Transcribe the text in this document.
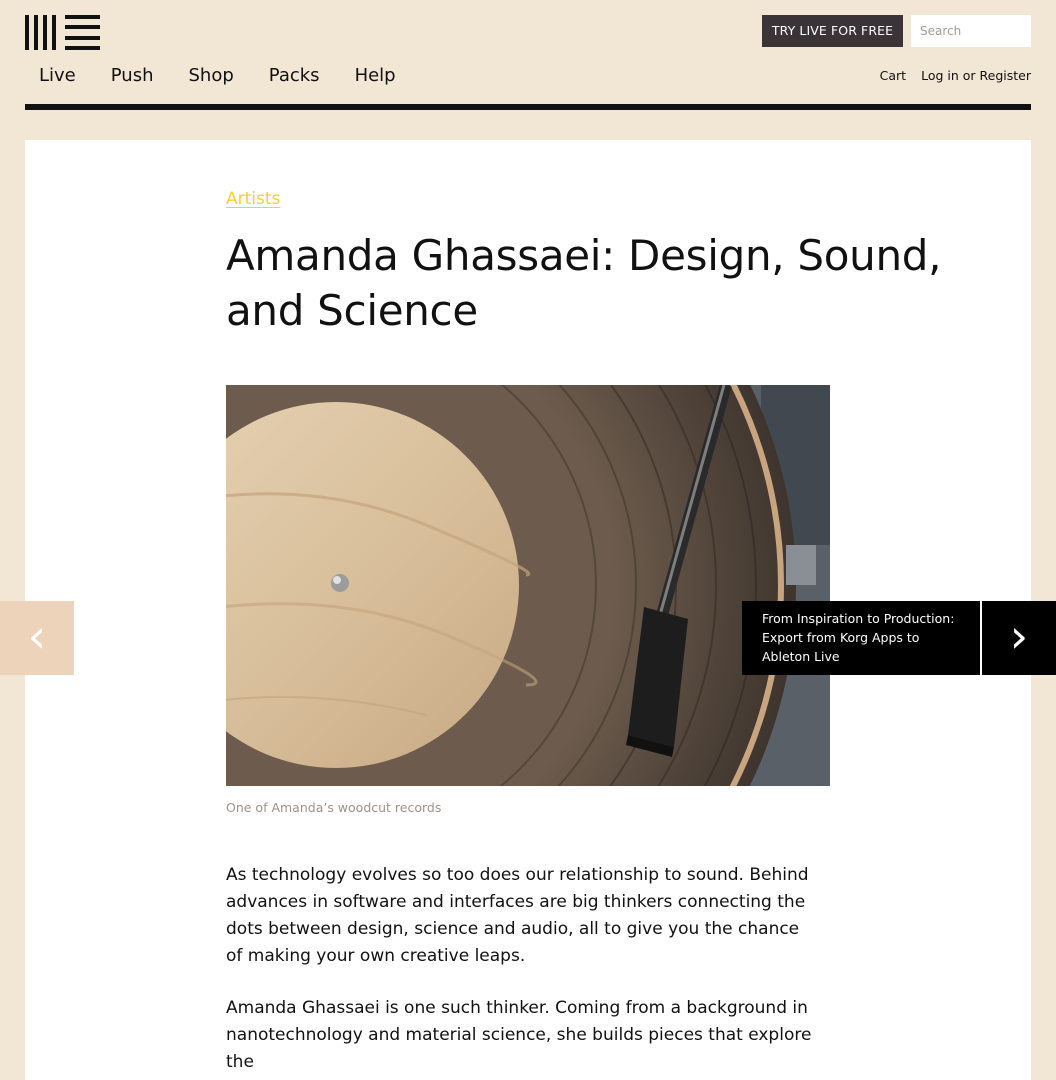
TRY LIVE FOR FREE
Search
Live Push Shop Packs Help	Cart Log in or Register
Artists
Amanda Ghassaei: Design, Sound, and Science
One of Amanda’s woodcut records

As technology evolves so too does our relationship to sound. Behind advances in software and interfaces are big thinkers connecting the dots between design, science and audio, all to give you the chance of making your own creative leaps.

Amanda Ghassaei is one such thinker. Coming from a background in nanotechnology and material science, she builds pieces that explore the

‹	From Inspiration to Production: Export from Korg Apps to Ableton Live	›
